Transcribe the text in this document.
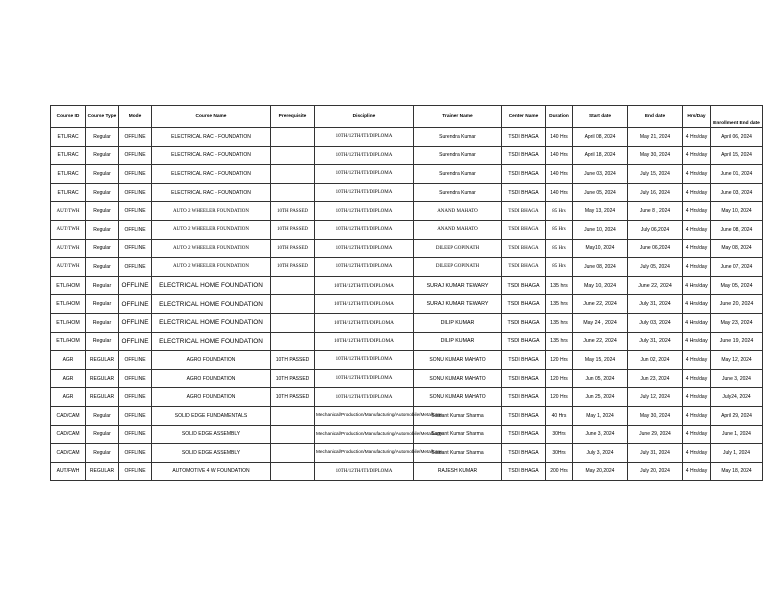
Course ID	Course Type	Mode	Course Name	Prerequisite	Discipline	Trainer Name	Center Name	Duration	Start date	End date	Hrs/Day	Enrollment End date
ETL/RAC	Regular	OFFLINE	ELECTRICAL RAC - FOUNDATION		10TH/12TH/ITI/DIPLOMA	Surendra Kumar	TSDI BHAGA	140 Hrs	April 08, 2024	May 21, 2024	4 Hrs/day	April 06, 2024
ETL/RAC	Regular	OFFLINE	ELECTRICAL RAC - FOUNDATION		10TH/12TH/ITI/DIPLOMA	Surendra Kumar	TSDI BHAGA	140 Hrs	April 18, 2024	May 30, 2024	4 Hrs/day	April 15, 2024
ETL/RAC	Regular	OFFLINE	ELECTRICAL RAC - FOUNDATION		10TH/12TH/ITI/DIPLOMA	Surendra Kumar	TSDI BHAGA	140 Hrs	June 03, 2024	July 15, 2024	4 Hrs/day	June 01, 2024
ETL/RAC	Regular	OFFLINE	ELECTRICAL RAC - FOUNDATION		10TH/12TH/ITI/DIPLOMA	Surendra Kumar	TSDI BHAGA	140 Hrs	June 05, 2024	July 16, 2024	4 Hrs/day	June 03, 2024
AUT/TWH	Regular	OFFLINE	AUTO 2 WHEELER FOUNDATION	10TH PASSED	10TH/12TH/ITI/DIPLOMA	ANAND MAHATO	TSDI BHAGA	85 Hrs	May 13, 2024	June 8 , 2024	4 Hrs/day	May 10, 2024
AUT/TWH	Regular	OFFLINE	AUTO 2 WHEELER FOUNDATION	10TH PASSED	10TH/12TH/ITI/DIPLOMA	ANAND MAHATO	TSDI BHAGA	85 Hrs	June 10, 2024	July 06,2024	4 Hrs/day	June 08, 2024
AUT/TWH	Regular	OFFLINE	AUTO 2 WHEELER FOUNDATION	10TH PASSED	10TH/12TH/ITI/DIPLOMA	DILEEP GOPINATH	TSDI BHAGA	85 Hrs	May10, 2024	June 06,2024	4 Hrs/day	May 08, 2024
AUT/TWH	Regular	OFFLINE	AUTO 2 WHEELER FOUNDATION	10TH PASSED	10TH/12TH/ITI/DIPLOMA	DILEEP GOPINATH	TSDI BHAGA	85 Hrs	June 08, 2024	July 05, 2024	4 Hrs/day	June 07, 2024
ETL/HOM	Regular	OFFLINE	ELECTRICAL HOME FOUNDATION		10TH/12TH/ITI/DIPLOMA	SURAJ KUMAR TEWARY	TSDI BHAGA	135 hrs	May 10, 2024	June 22, 2024	4 Hrs/day	May 05, 2024
ETL/HOM	Regular	OFFLINE	ELECTRICAL HOME FOUNDATION		10TH/12TH/ITI/DIPLOMA	SURAJ KUMAR TEWARY	TSDI BHAGA	135 hrs	June 22, 2024	July 31, 2024	4 Hrs/day	June 20, 2024
ETL/HOM	Regular	OFFLINE	ELECTRICAL HOME FOUNDATION		10TH/12TH/ITI/DIPLOMA	DILIP KUMAR	TSDI BHAGA	135 hrs	May 24 , 2024	July 03, 2024	4 Hrs/day	May 23, 2024
ETL/HOM	Regular	OFFLINE	ELECTRICAL HOME FOUNDATION		10TH/12TH/ITI/DIPLOMA	DILIP KUMAR	TSDI BHAGA	135 hrs	June 22, 2024	July 31, 2024	4 Hrs/day	June 19, 2024
AGR	REGULAR	OFFLINE	AGRO FOUNDATION	10TH PASSED	10TH/12TH/ITI/DIPLOMA	SONU KUMAR MAHATO	TSDI BHAGA	120 Hrs	May 15, 2024	Jun 02, 2024	4 Hrs/day	May 12, 2024
AGR	REGULAR	OFFLINE	AGRO FOUNDATION	10TH PASSED	10TH/12TH/ITI/DIPLOMA	SONU KUMAR MAHATO	TSDI BHAGA	120 Hrs	Jun 05, 2024	Jun 23, 2024	4 Hrs/day	June 3, 2024
AGR	REGULAR	OFFLINE	AGRO FOUNDATION	10TH PASSED	10TH/12TH/ITI/DIPLOMA	SONU KUMAR MAHATO	TSDI BHAGA	120 Hrs	Jun 25, 2024	July 12, 2024	4 Hrs/day	July24, 2024
CAD/CAM	Regular	OFFLINE	SOLID EDGE FUNDAMENTALS		Mechanical/Production/Manufacturing/Automobile/Metallurgy	Sumant Kumar Sharma	TSDI BHAGA	40 Hrs	May 1, 2024	May 30, 2024	4 Hrs/day	April 29, 2024
CAD/CAM	Regular	OFFLINE	SOLID EDGE ASSEMBLY		Mechanical/Production/Manufacturing/Automobile/Metallurgy	Sumant Kumar Sharma	TSDI BHAGA	30Hrs	June 3, 2024	June 29, 2024	4 Hrs/day	June 1, 2024
CAD/CAM	Regular	OFFLINE	SOLID EDGE ASSEMBLY		Mechanical/Production/Manufacturing/Automobile/Metallurgy	Sumant Kumar Sharma	TSDI BHAGA	30Hrs	July 3, 2024	July 31, 2024	4 Hrs/day	July 1, 2024
AUT/FWH	REGULAR	OFFLINE	AUTOMOTIVE 4 W FOUNDATION		10TH/12TH/ITI/DIPLOMA	RAJESH KUMAR	TSDI BHAGA	200 Hrs	May 20,2024	July 20, 2024	4 Hrs/day	May 18, 2024
